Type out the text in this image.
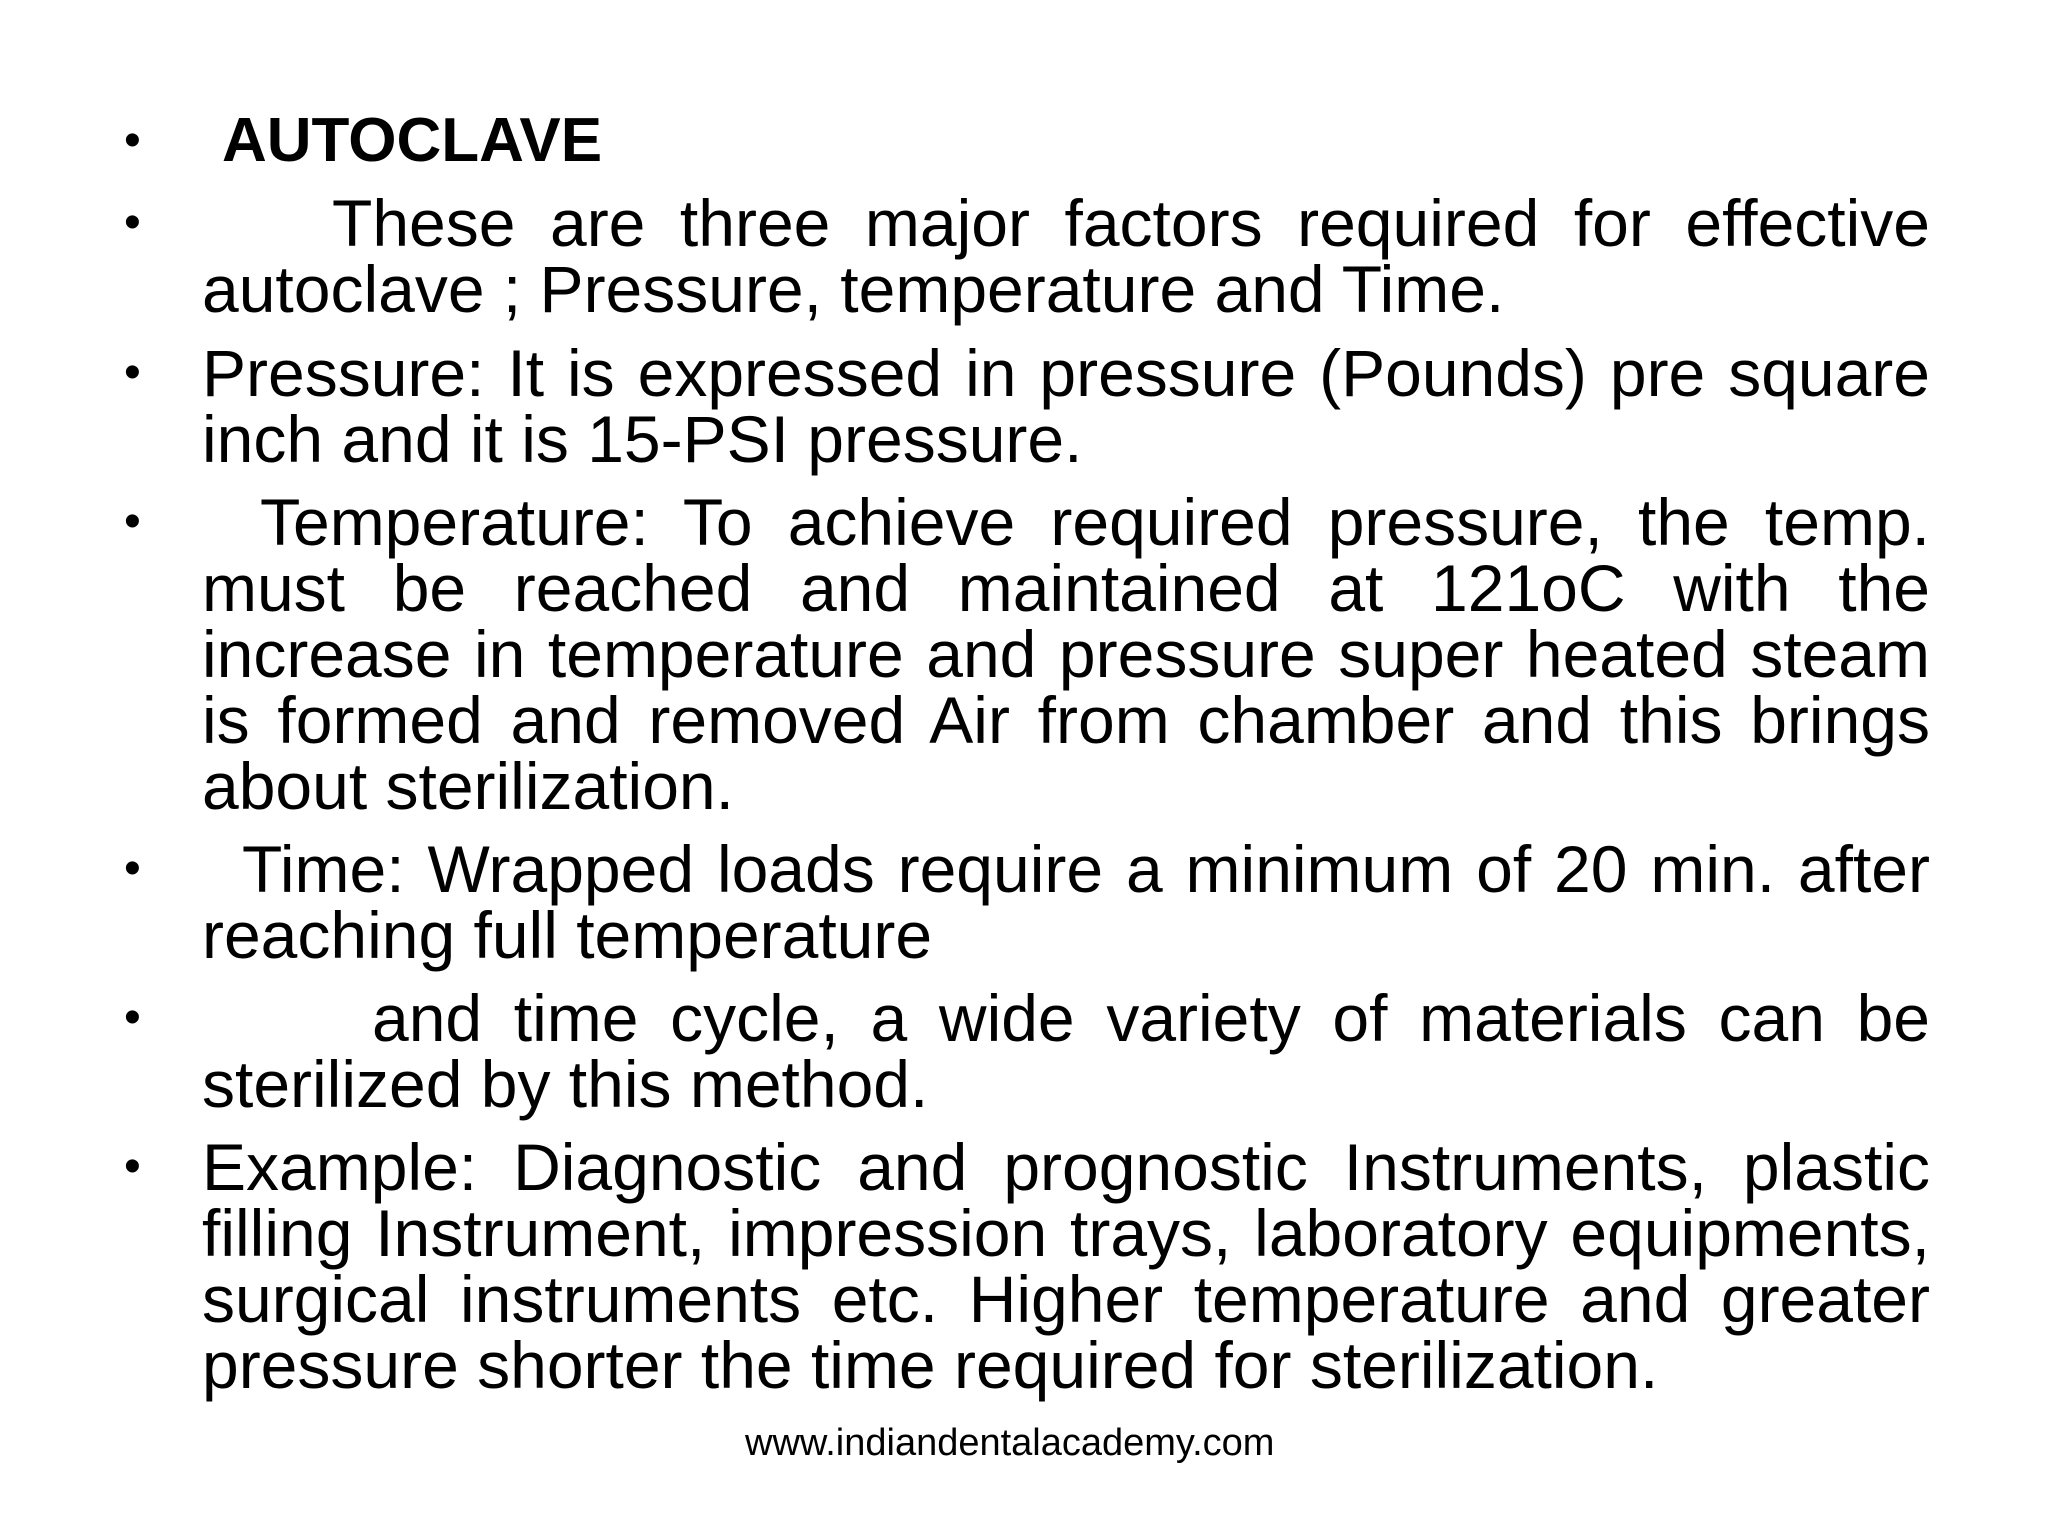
• AUTOCLAVE
•	These are three major factors required for effective autoclave ; Pressure, temperature and Time.
• Pressure: It is expressed in pressure (Pounds) pre square inch and it is 15-PSI pressure.
•	Temperature: To achieve required pressure, the temp. must be reached and maintained at 121oC with the increase in temperature and pressure super heated steam is formed and removed Air from chamber and this brings about sterilization.
•	Time: Wrapped loads require a minimum of 20 min. after reaching full temperature
•	and time cycle, a wide variety of materials can be sterilized by this method.
• Example: Diagnostic and prognostic Instruments, plastic filling Instrument, impression trays, laboratory equipments, surgical instruments etc. Higher temperature and greater pressure shorter the time required for sterilization.
www.indiandentalacademy.com
